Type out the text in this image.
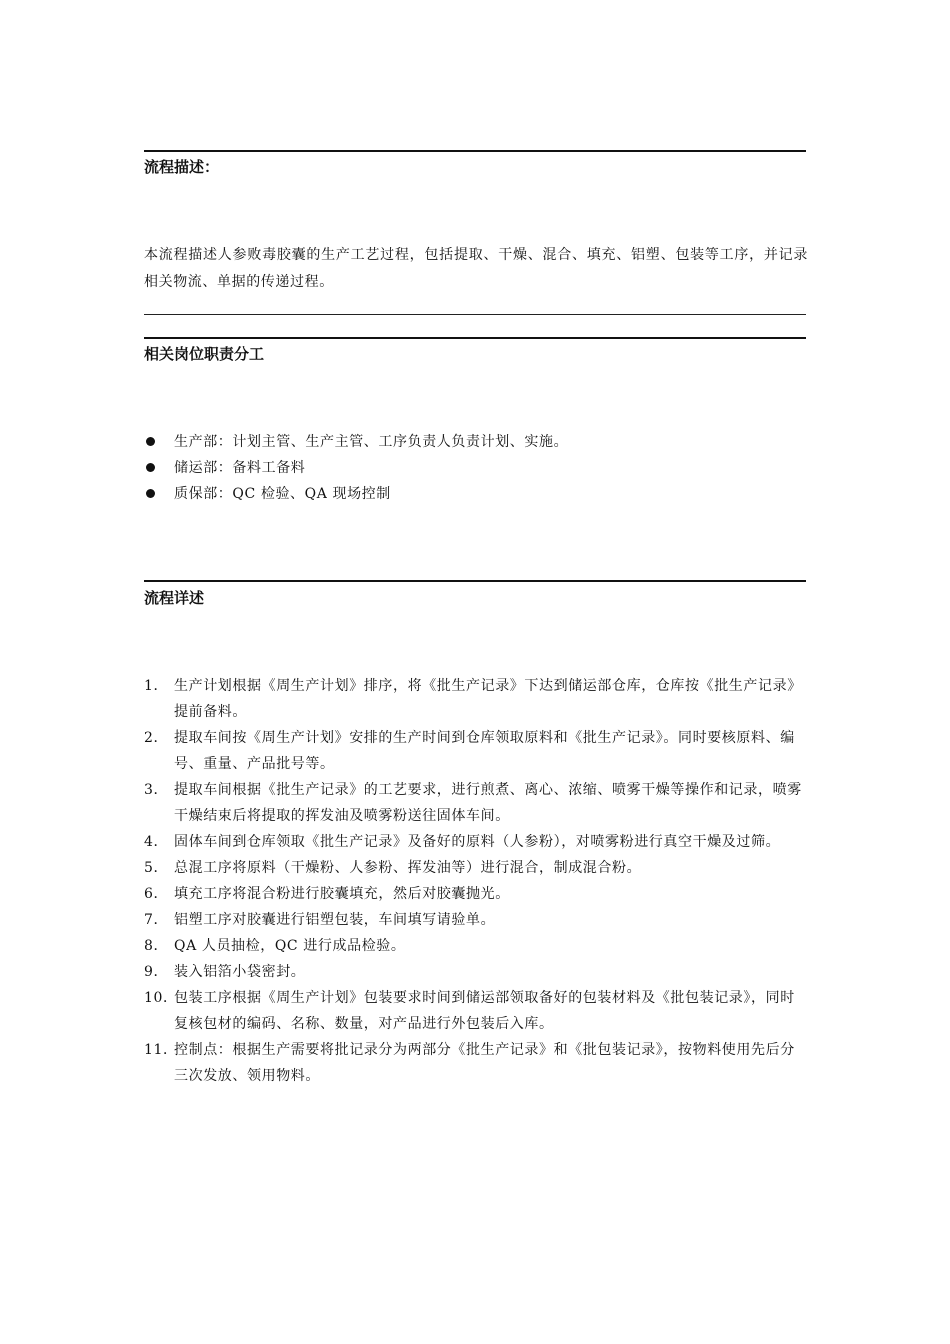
流程描述：

本流程描述人参败毒胶囊的生产工艺过程，包括提取、干燥、混合、填充、铝塑、包装等工序，并记录相关物流、单据的传递过程。

相关岗位职责分工
生产部：计划主管、生产主管、工序负责人负责计划、实施。
储运部：备料工备料
质保部：QC 检验、QA 现场控制
流程详述
1． 生产计划根据《周生产计划》排序，将《批生产记录》下达到储运部仓库，仓库按《批生产记录》提前备料。
2． 提取车间按《周生产计划》安排的生产时间到仓库领取原料和《批生产记录》。同时要核原料、编号、重量、产品批号等。
3． 提取车间根据《批生产记录》的工艺要求，进行煎煮、离心、浓缩、喷雾干燥等操作和记录，喷雾干燥结束后将提取的挥发油及喷雾粉送往固体车间。
4． 固体车间到仓库领取《批生产记录》及备好的原料（人参粉），对喷雾粉进行真空干燥及过筛。
5． 总混工序将原料（干燥粉、人参粉、挥发油等）进行混合，制成混合粉。
6． 填充工序将混合粉进行胶囊填充，然后对胶囊抛光。
7． 铝塑工序对胶囊进行铝塑包装，车间填写请验单。
8． QA 人员抽检，QC 进行成品检验。
9． 装入铝箔小袋密封。
10．
包装工序根据《周生产计划》包装要求时间到储运部领取备好的包装材料及《批包装记录》，同时复核包材的编码、名称、数量，对产品进行外包装后入库。
11．
控制点：根据生产需要将批记录分为两部分《批生产记录》和《批包装记录》，按物料使用先后分三次发放、领用物料。
